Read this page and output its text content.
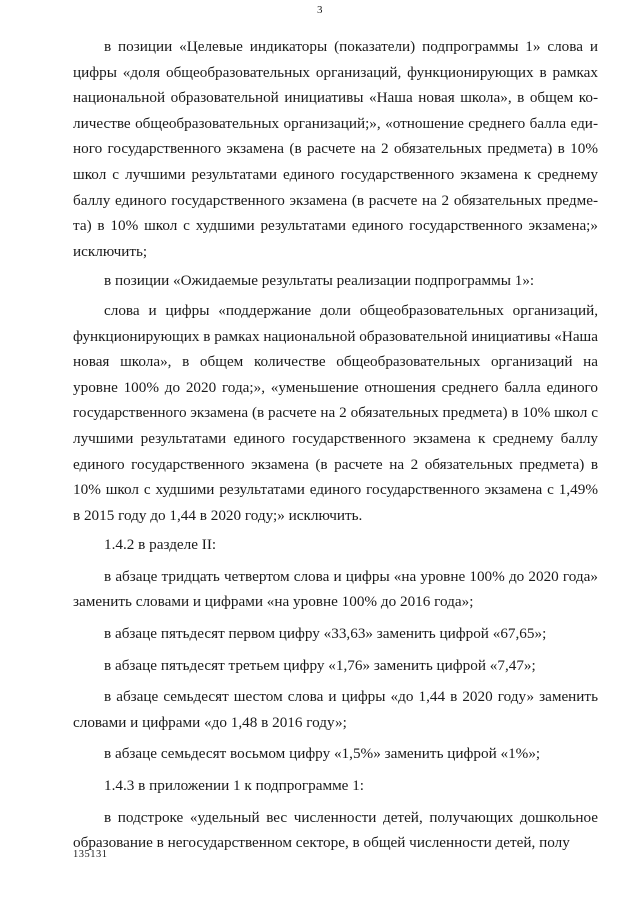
3

в позиции «Целевые индикаторы (показатели) подпрограммы 1» слова и цифры «доля общеобразовательных организаций, функционирующих в рамках национальной образовательной инициативы «Наша новая школа», в общем количестве общеобразовательных организаций;», «отношение среднего балла единого государственного экзамена (в расчете на 2 обязательных предмета) в 10% школ с лучшими результатами единого государственного экзамена к среднему баллу единого государственного экзамена (в расчете на 2 обязательных предмета) в 10% школ с худшими результатами единого государственного экзамена;» исключить;

в позиции «Ожидаемые результаты реализации подпрограммы 1»:

слова и цифры «поддержание доли общеобразовательных организаций, функционирующих в рамках национальной образовательной инициативы «Наша новая школа», в общем количестве общеобразовательных организаций на уровне 100% до 2020 года;», «уменьшение отношения среднего балла единого государственного экзамена (в расчете на 2 обязательных предмета) в 10% школ с лучшими результатами единого государственного экзамена к среднему баллу единого государственного экзамена (в расчете на 2 обязательных предмета) в 10% школ с худшими результатами единого государственного экзамена с 1,49% в 2015 году до 1,44 в 2020 году;» исключить.

1.4.2 в разделе II:

в абзаце тридцать четвертом слова и цифры «на уровне 100% до 2020 года» заменить словами и цифрами «на уровне 100% до 2016 года»;

в абзаце пятьдесят первом цифру «33,63» заменить цифрой «67,65»;

в абзаце пятьдесят третьем цифру «1,76» заменить цифрой «7,47»;

в абзаце семьдесят шестом слова и цифры «до 1,44 в 2020 году» заменить словами и цифрами «до 1,48 в 2016 году»;

в абзаце семьдесят восьмом цифру «1,5%» заменить цифрой «1%»;

1.4.3 в приложении 1 к подпрограмме 1:

в подстроке «удельный вес численности детей, получающих дошкольное образование в негосударственном секторе, в общей численности детей, полу

135131
